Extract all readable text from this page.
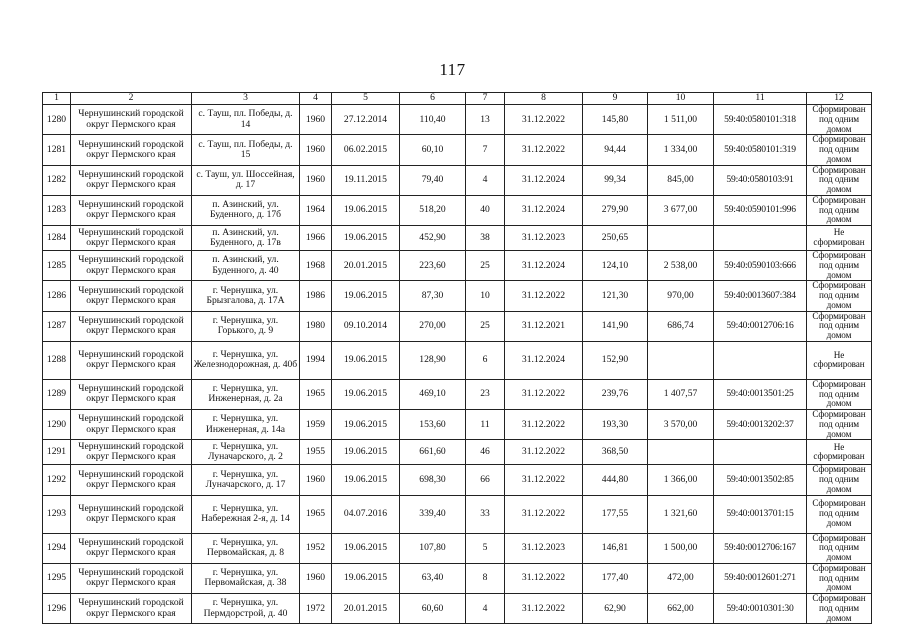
117
1	2	3	4	5	6	7	8	9	10	11	12
1280	Чернушинский городской округ Пермского края	с. Тауш, пл. Победы, д. 14	1960	27.12.2014	110,40	13	31.12.2022	145,80	1 511,00	59:40:0580101:318	Сформирован под одним домом
1281	Чернушинский городской округ Пермского края	с. Тауш, пл. Победы, д. 15	1960	06.02.2015	60,10	7	31.12.2022	94,44	1 334,00	59:40:0580101:319	Сформирован под одним домом
1282	Чернушинский городской округ Пермского края	с. Тауш, ул. Шоссейная, д. 17	1960	19.11.2015	79,40	4	31.12.2024	99,34	845,00	59:40:0580103:91	Сформирован под одним домом
1283	Чернушинский городской округ Пермского края	п. Азинский, ул. Буденного, д. 17б	1964	19.06.2015	518,20	40	31.12.2024	279,90	3 677,00	59:40:0590101:996	Сформирован под одним домом
1284	Чернушинский городской округ Пермского края	п. Азинский, ул. Буденного, д. 17в	1966	19.06.2015	452,90	38	31.12.2023	250,65			Не сформирован
1285	Чернушинский городской округ Пермского края	п. Азинский, ул. Буденного, д. 40	1968	20.01.2015	223,60	25	31.12.2024	124,10	2 538,00	59:40:0590103:666	Сформирован под одним домом
1286	Чернушинский городской округ Пермского края	г. Чернушка, ул. Брызгалова, д. 17А	1986	19.06.2015	87,30	10	31.12.2022	121,30	970,00	59:40:0013607:384	Сформирован под одним домом
1287	Чернушинский городской округ Пермского края	г. Чернушка, ул. Горького, д. 9	1980	09.10.2014	270,00	25	31.12.2021	141,90	686,74	59:40:0012706:16	Сформирован под одним домом
1288	Чернушинский городской округ Пермского края	г. Чернушка, ул. Железнодорожная, д. 40б	1994	19.06.2015	128,90	6	31.12.2024	152,90			Не сформирован
1289	Чернушинский городской округ Пермского края	г. Чернушка, ул. Инженерная, д. 2а	1965	19.06.2015	469,10	23	31.12.2022	239,76	1 407,57	59:40:0013501:25	Сформирован под одним домом
1290	Чернушинский городской округ Пермского края	г. Чернушка, ул. Инженерная, д. 14а	1959	19.06.2015	153,60	11	31.12.2022	193,30	3 570,00	59:40:0013202:37	Сформирован под одним домом
1291	Чернушинский городской округ Пермского края	г. Чернушка, ул. Луначарского, д. 2	1955	19.06.2015	661,60	46	31.12.2022	368,50			Не сформирован
1292	Чернушинский городской округ Пермского края	г. Чернушка, ул. Луначарского, д. 17	1960	19.06.2015	698,30	66	31.12.2022	444,80	1 366,00	59:40:0013502:85	Сформирован под одним домом
1293	Чернушинский городской округ Пермского края	г. Чернушка, ул. Набережная 2-я, д. 14	1965	04.07.2016	339,40	33	31.12.2022	177,55	1 321,60	59:40:0013701:15	Сформирован под одним домом
1294	Чернушинский городской округ Пермского края	г. Чернушка, ул. Первомайская, д. 8	1952	19.06.2015	107,80	5	31.12.2023	146,81	1 500,00	59:40:0012706:167	Сформирован под одним домом
1295	Чернушинский городской округ Пермского края	г. Чернушка, ул. Первомайская, д. 38	1960	19.06.2015	63,40	8	31.12.2022	177,40	472,00	59:40:0012601:271	Сформирован под одним домом
1296	Чернушинский городской округ Пермского края	г. Чернушка, ул. Пермдорстрой, д. 40	1972	20.01.2015	60,60	4	31.12.2022	62,90	662,00	59:40:0010301:30	Сформирован под одним домом
